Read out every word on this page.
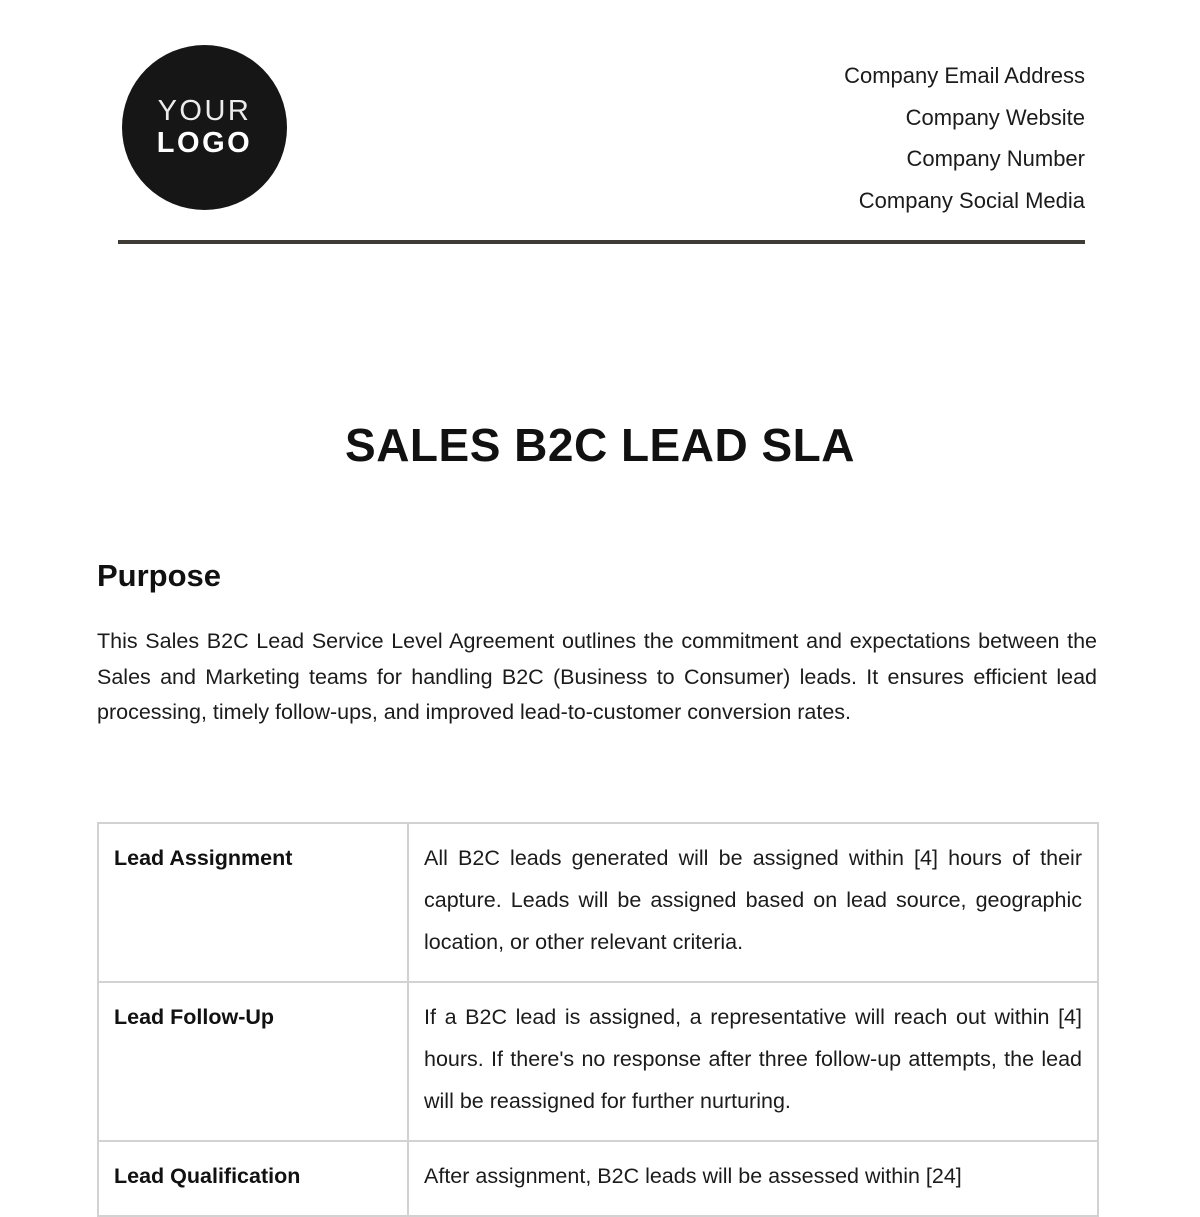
YOUR
LOGO
Company Email Address
Company Website
Company Number
Company Social Media
SALES B2C LEAD SLA
Purpose

This Sales B2C Lead Service Level Agreement outlines the commitment and expectations between the Sales and Marketing teams for handling B2C (Business to Consumer) leads. It ensures efficient lead processing, timely follow-ups, and improved lead-to-customer conversion rates.

Lead Assignment	All B2C leads generated will be assigned within [4] hours of their capture. Leads will be assigned based on lead source, geographic location, or other relevant criteria.
Lead Follow-Up	If a B2C lead is assigned, a representative will reach out within [4] hours. If there's no response after three follow-up attempts, the lead will be reassigned for further nurturing.
Lead Qualification	After assignment, B2C leads will be assessed within [24]
